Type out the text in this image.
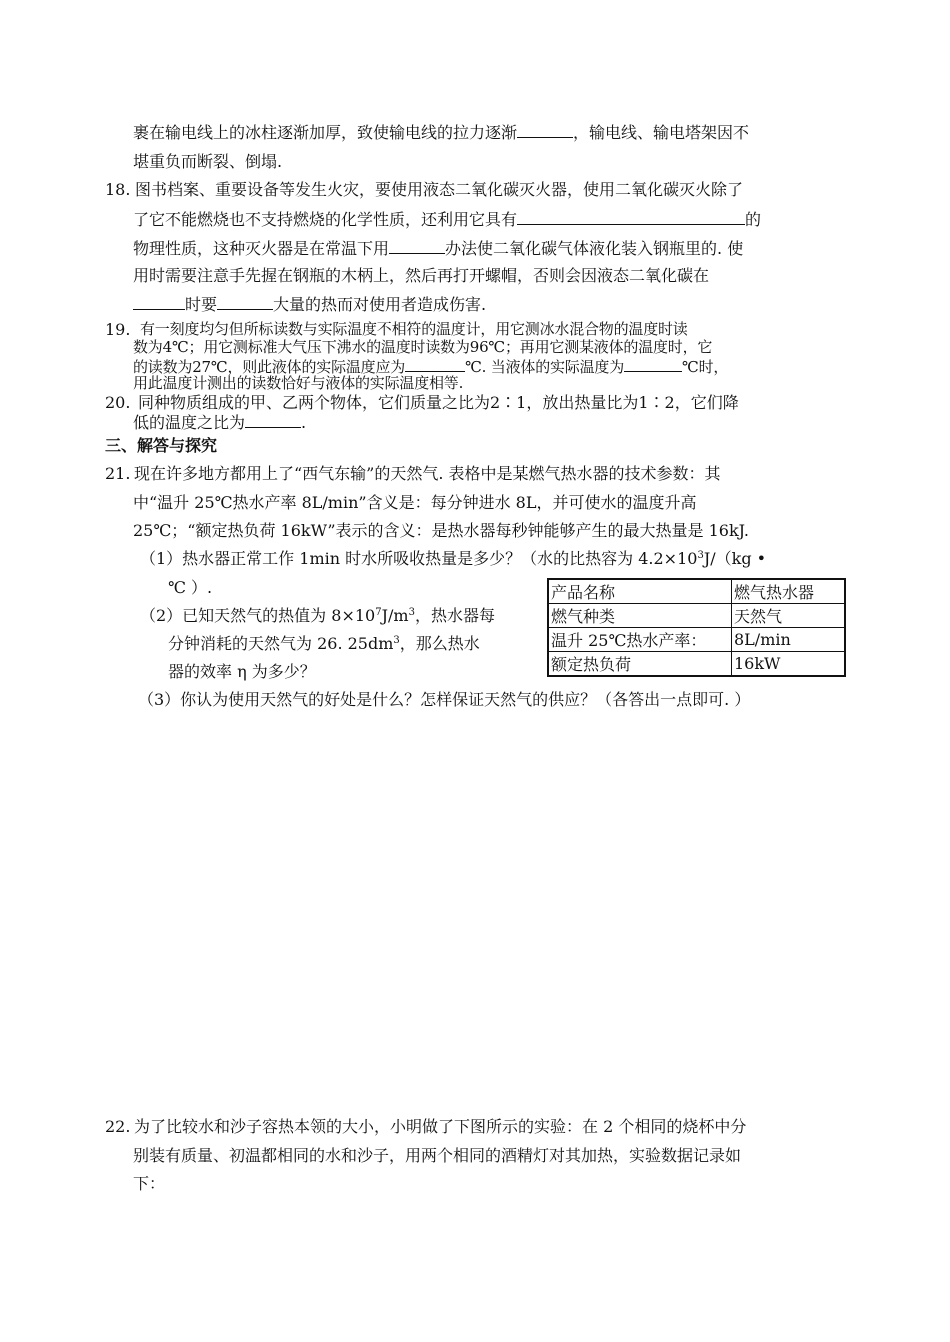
裹在输电线上的冰柱逐渐加厚，致使输电线的拉力逐渐	，输电线、输电塔架因不
堪重负而断裂、倒塌.
18. 图书档案、重要设备等发生火灾，要使用液态二氧化碳灭火器，使用二氧化碳灭火除了
了它不能燃烧也不支持燃烧的化学性质，还利用它具有	的
物理性质，这种灭火器是在常温下用	办法使二氧化碳气体液化装入钢瓶里的. 使
用时需要注意手先握在钢瓶的木柄上，然后再打开螺帽，否则会因液态二氧化碳在
时要	大量的热而对使用者造成伤害.
19. 有一刻度均匀但所标读数与实际温度不相符的温度计，用它测冰水混合物的温度时读
数为4℃；用它测标准大气压下沸水的温度时读数为96℃；再用它测某液体的温度时，它
的读数为27℃，则此液体的实际温度应为	℃. 当液体的实际温度为	℃时，
用此温度计测出的读数恰好与液体的实际温度相等.
20. 同种物质组成的甲、乙两个物体，它们质量之比为2∶1，放出热量比为1∶2，它们降
低的温度之比为	.
三、解答与探究
21. 现在许多地方都用上了“西气东输”的天然气. 表格中是某燃气热水器的技术参数：其
中“温升 25℃热水产率 8L/min”含义是：每分钟进水 8L，并可使水的温度升高
25℃；“额定热负荷 16kW”表示的含义：是热水器每秒钟能够产生的最大热量是 16kJ.
（1）热水器正常工作 1min 时水所吸收热量是多少？（水的比热容为 $4.2\times 10^3J/(kg$ •
℃ ）.
（2）已知天然气的热值为 $8\times 10^7J/m^3$，热水器每
分钟消耗的天然气为 26. $25dm^3$，那么热水
器的效率 η 为多少？
（3）你认为使用天然气的好处是什么？怎样保证天然气的供应？（各答出一点即可. ）
产品名称	燃气热水器
燃气种类	天然气
温升 25℃热水产率：	8L/min
额定热负荷	16kW
22. 为了比较水和沙子容热本领的大小，小明做了下图所示的实验：在 2 个相同的烧杯中分
别装有质量、初温都相同的水和沙子，用两个相同的酒精灯对其加热，实验数据记录如
下：
